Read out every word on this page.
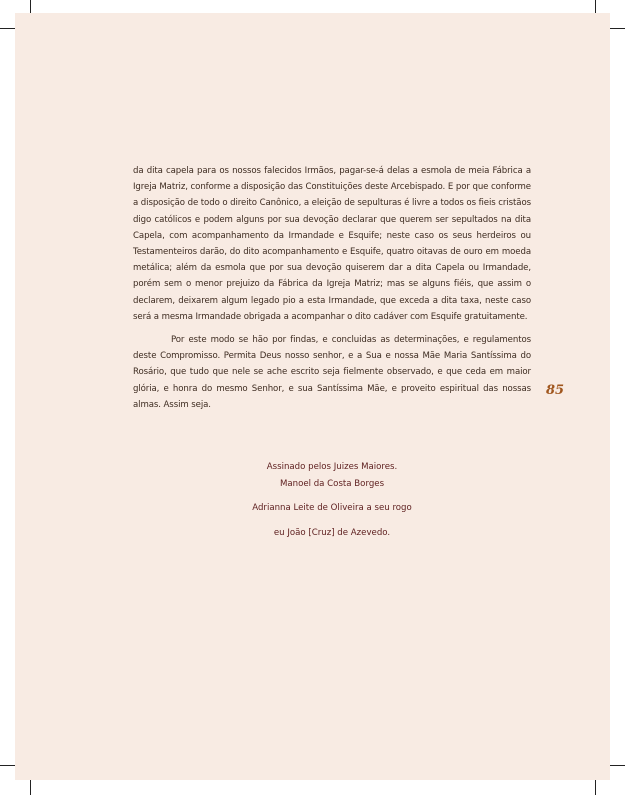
da dita capela para os nossos falecidos Irmãos, pagar-se-á delas a esmola de meia Fábrica a Igreja Matriz, conforme a disposição das Constituições deste Arcebispado. E por que conforme a disposição de todo o direito Canônico, a eleição de sepulturas é livre a todos os fieis cristãos digo católicos e podem alguns por sua devoção declarar que querem ser sepultados na dita Capela, com acompanhamento da Irmandade e Esquife; neste caso os seus herdeiros ou Testamenteiros darão, do dito acompanhamento e Esquife, quatro oitavas de ouro em moeda metálica; além da esmola que por sua devoção quiserem dar a dita Capela ou Irmandade, porém sem o menor prejuizo da Fábrica da Igreja Matriz; mas se alguns fiéis, que assim o declarem, deixarem algum legado pio a esta Irmandade, que exceda a dita taxa, neste caso será a mesma Irmandade obrigada a acompanhar o dito cadáver com Esquife gratuitamente.

Por este modo se hão por findas, e concluidas as determinações, e regulamentos deste Compromisso. Permita Deus nosso senhor, e a Sua e nossa Mãe Maria Santíssima do Rosário, que tudo que nele se ache escrito seja fielmente observado, e que ceda em maior glória, e honra do mesmo Senhor, e sua Santíssima Mãe, e proveito espiritual das nossas almas. Assim seja.

85
Assinado pelos Juizes Maiores.
Manoel da Costa Borges
Adrianna Leite de Oliveira a seu rogo
eu João [Cruz] de Azevedo.
